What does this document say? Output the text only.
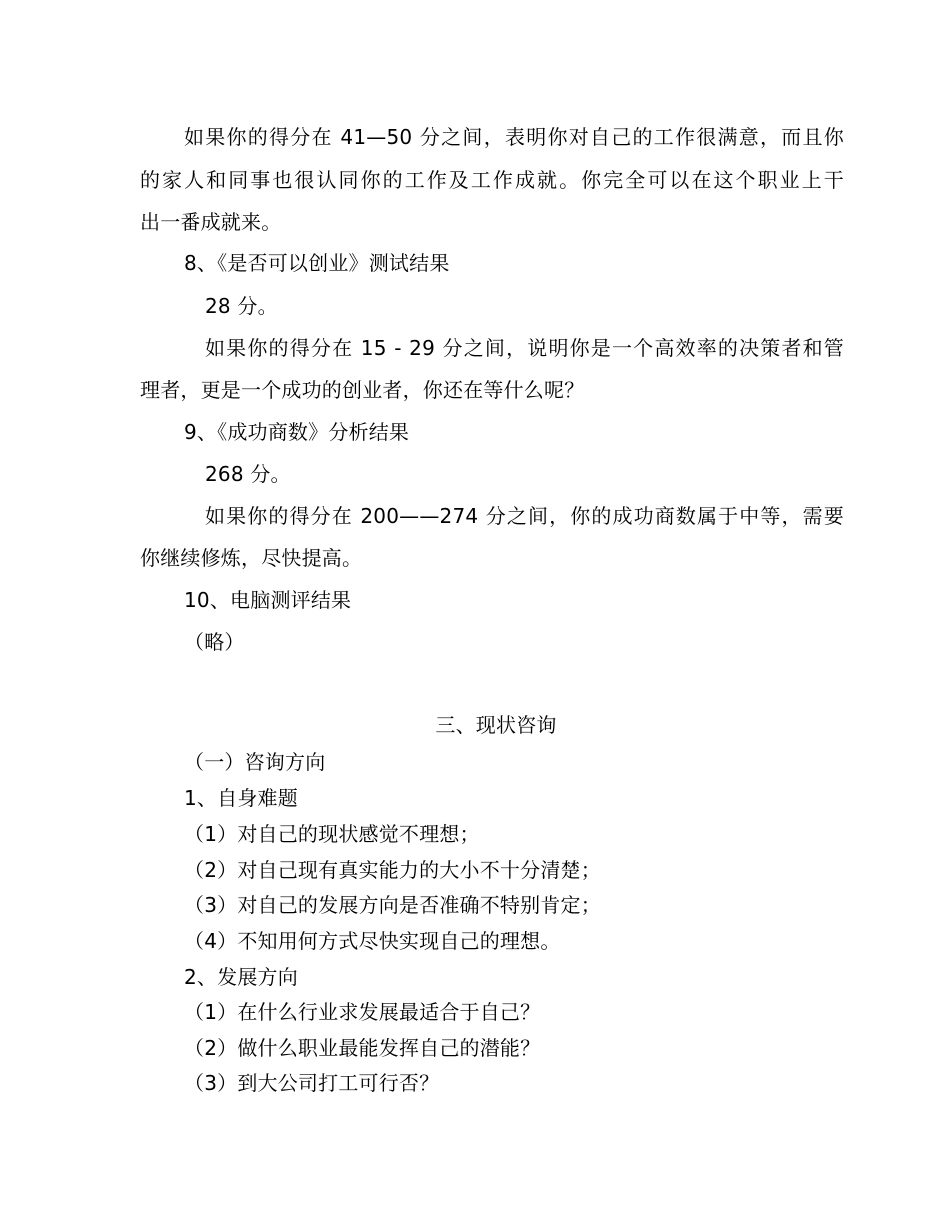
如果你的得分在 41—50 分之间，表明你对自己的工作很满意，而且你
的家人和同事也很认同你的工作及工作成就。你完全可以在这个职业上干
出一番成就来。
8、《是否可以创业》测试结果
28 分。
如果你的得分在 15 - 29 分之间，说明你是一个高效率的决策者和管
理者，更是一个成功的创业者，你还在等什么呢？
9、《成功商数》分析结果
268 分。
如果你的得分在 200——274 分之间，你的成功商数属于中等，需要
你继续修炼，尽快提高。
10、电脑测评结果
（略）
三、现状咨询
（一）咨询方向
1、自身难题
（1）对自己的现状感觉不理想；
（2）对自己现有真实能力的大小不十分清楚；
（3）对自己的发展方向是否准确不特别肯定；
（4）不知用何方式尽快实现自己的理想。
2、发展方向
（1）在什么行业求发展最适合于自己？
（2）做什么职业最能发挥自己的潜能？
（3）到大公司打工可行否？
